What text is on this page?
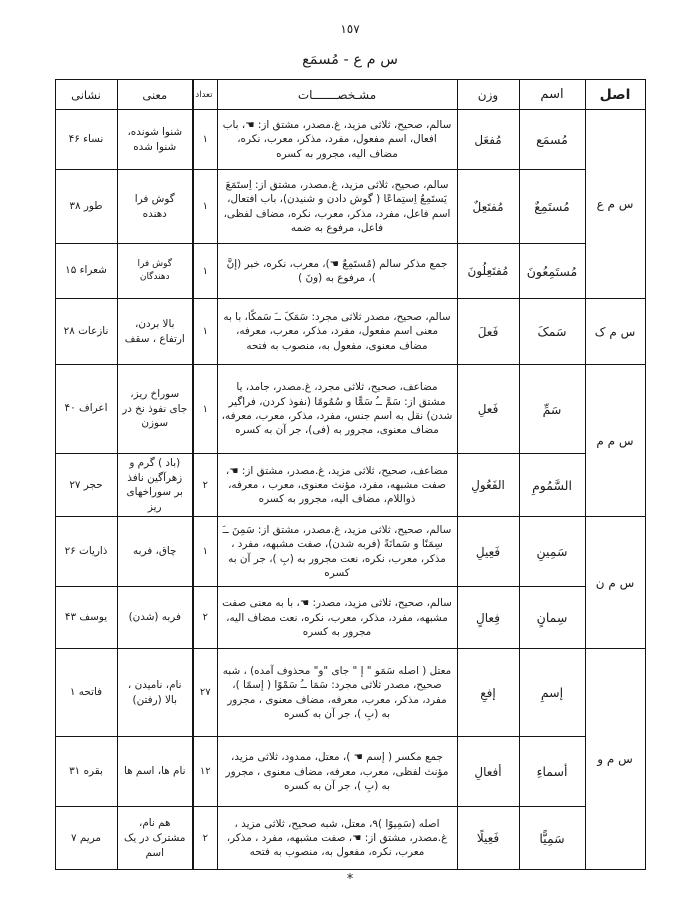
١٥٧
س م ع - مُسمَع
اصل	اسم	وزن	مشـخصـــــــات	تعداد	معنی	نشانی
س م ع	مُسمَع	مُفعَل	سالم، صحیح، ثلاثی مزید، غ.مصدر، مشتق از: ☚، باب افعال، اسم مفعول، مفرد، مذکر، معرب، نکره، مضاف الیه، مجرور به کسره	١	شنوا شونده، شنوا شده	نساء ۴۶
	مُستَمِعٌ	مُفتَعِلٌ	سالم، صحیح، ثلاثی مزید، غ.مصدر، مشتق از: اِستَمَعَ یَستَمِعُ اِستِماعًا ( گوش دادن و شنیدن)، باب افتعال، اسم فاعل، مفرد، مذکر، معرب، نکره، مضاف لفظی، فاعل، مرفوع به ضمه	١	گوش فرا دهنده	طور ۳۸
	مُستَمِعُونَ	مُفتَعِلُونَ	جمع مذکر سالم (مُستَمِعٌ ☚)، معرب، نکره، خبر (إنَّ )، مرفوع به (ونَ )	١	گوش فرا دهندگان	شعراء ۱۵
س م ک	سَمکَ	فَعلَ	سالم، صحیح، مصدر ثلاثی مجرد: سَمَکَ ــَ سَمکًا، با به معنی اسم مفعول، مفرد، مذکر، معرب، معرفه، مضاف معنوی، مفعول به، منصوب به فتحه	١	بالا بردن، ارتفاع ، سقف	نازعات ۲۸
س م م	سَمِّ	فَعلِ	مضاعف، صحیح، ثلاثی مجرد، غ.مصدر، جامد، یا مشتق از: سَمَّ ــُ سَمًّا و سُمُومًا (نفوذ کردن، فراگیر شدن) نقل به اسم جنس، مفرد، مذکر، معرب، معرفه، مضاف معنوی، مجرور به (فی)، جر آن به کسره	١	سوراخ ریز، جای نفوذ نخ در سوزن	اعراف ۴۰
	السَّمُومِ	الفَعُولِ	مضاعف، صحیح، ثلاثی مزید، غ.مصدر، مشتق از: ☚، صفت مشبهه، مفرد، مؤنث معنوی، معرب ، معرفه، ذواللام، مضاف الیه، مجرور به کسره	٢	(باد ) گرم و زهرآگین نافذ بر سوراخهای ریز	حجر ۲۷
س م ن	سَمِينِ	فَعِيلِ	سالم، صحیح، ثلاثی مزید، غ.مصدر، مشتق از: سَمِنَ ــَ سِمَنًا و سَمانَةً (فربه شدن)، صفت مشبهه، مفرد ، مذکر، معرب، نکره، نعت مجرور به (بِ )، جر آن به کسره	١	چاق، فربه	ذاریات ۲۶
	سِمانٍ	فِعالٍ	سالم، صحیح، ثلاثی مزید، مصدر: ☚، با به معنی صفت مشبهه، مفرد، مذکر، معرب، نکره، نعت مضاف الیه، مجرور به کسره	٢	فربه (شدن)	یوسف ۴۳
س م و	إسمِ	إفعِ	معتل ( اصله سَمَو " إ " جای "و" محذوف آمده) ، شبه صحیح، مصدر ثلاثی مجرد: سَمَا ــُ سَمْوًا ( إسمًا )، مفرد، مذکر، معرب، معرفه، مضاف معنوی ، مجرور به (بِ )، جر آن به کسره	٢٧	نام، نامیدن ، بالا (رفتن)	فاتحه ۱
	أسماءِ	أفعالِ	جمع مکسر ( إسم ☚ )، معتل، ممدود، ثلاثی مزید، مؤنث لفظی، معرب، معرفه، مضاف معنوی ، مجرور به (بِ )، جر آن به کسره	١٢	نام ها، اسم ها	بقره ۳۱
	سَمِيًّا	فَعِيلًا	اصله (سَمِيوًا )۹، معتل، شبه صحیح، ثلاثی مزید ، غ.مصدر، مشتق از: ☚، صفت مشبهه، مفرد ، مذکر، معرب، نکره، مفعول به، منصوب به فتحه	٢	هم نام، مشترک در یک اسم	مریم ۷
*
